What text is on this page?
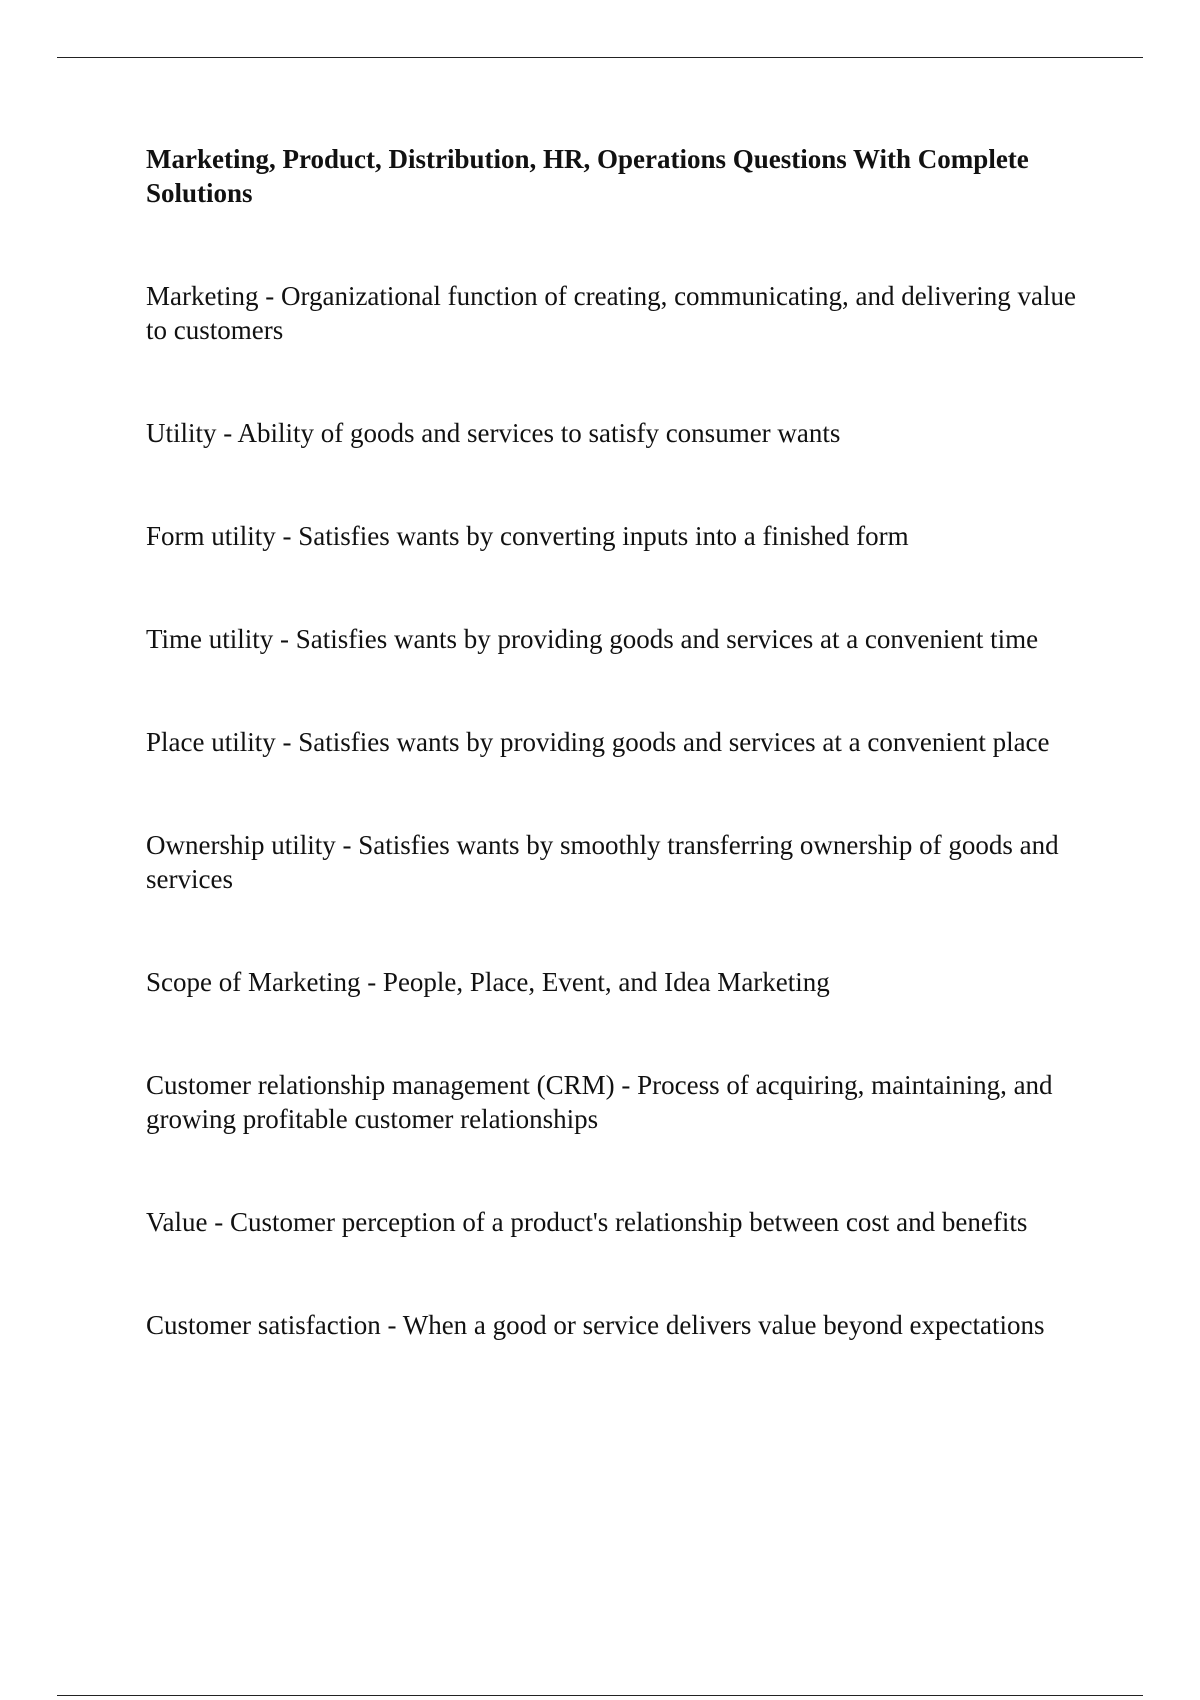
Marketing, Product, Distribution, HR, Operations Questions With Complete Solutions
Marketing - Organizational function of creating, communicating, and delivering value to customers
Utility - Ability of goods and services to satisfy consumer wants
Form utility - Satisfies wants by converting inputs into a finished form
Time utility - Satisfies wants by providing goods and services at a convenient time
Place utility - Satisfies wants by providing goods and services at a convenient place
Ownership utility - Satisfies wants by smoothly transferring ownership of goods and services
Scope of Marketing - People, Place, Event, and Idea Marketing
Customer relationship management (CRM) - Process of acquiring, maintaining, and growing profitable customer relationships
Value - Customer perception of a product's relationship between cost and benefits
Customer satisfaction - When a good or service delivers value beyond expectations
